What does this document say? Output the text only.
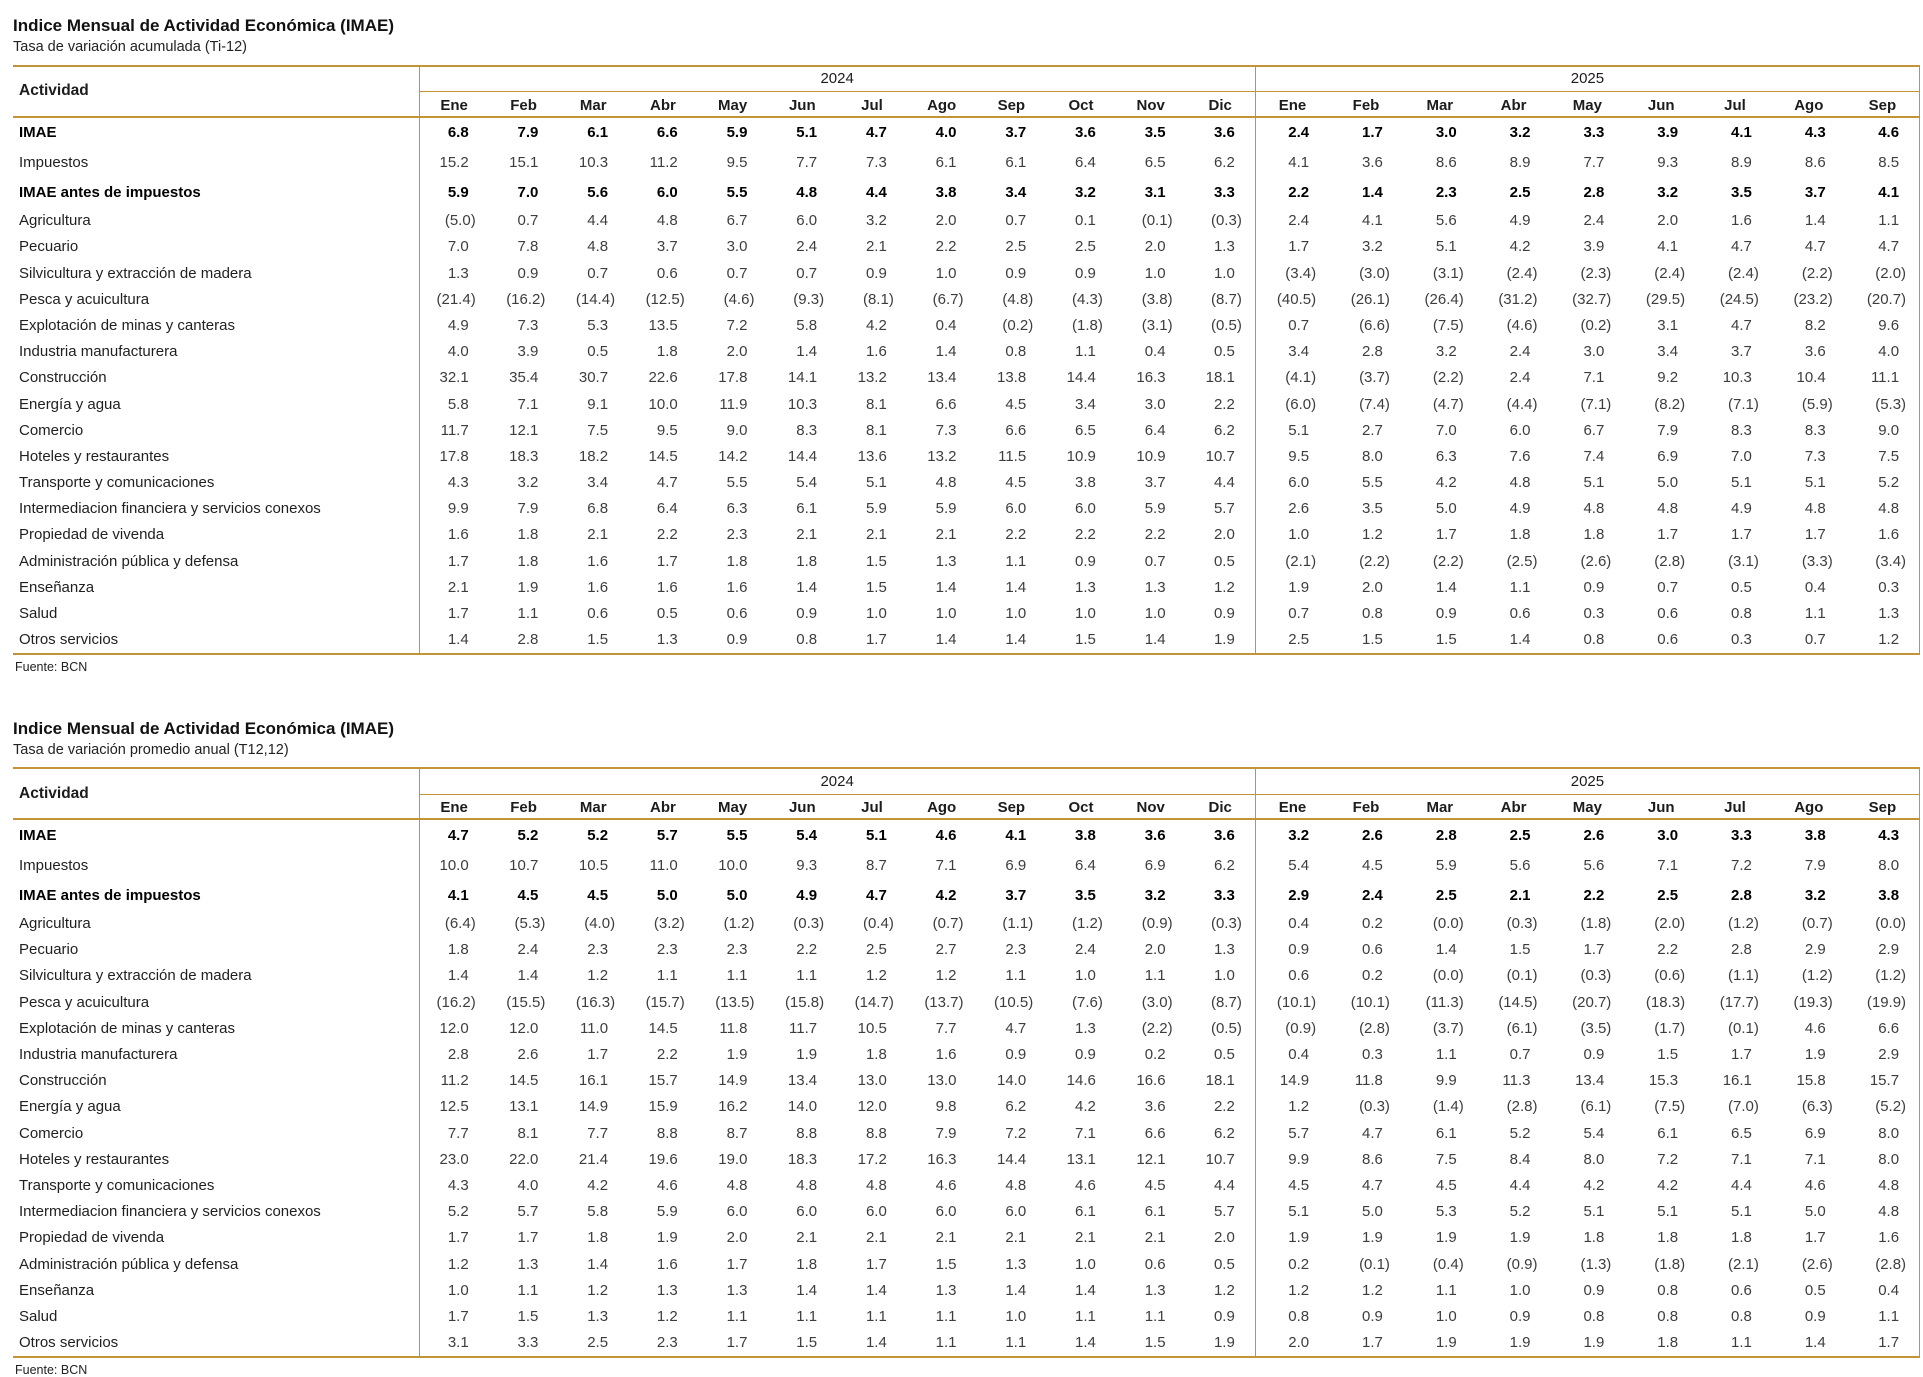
Indice Mensual de Actividad Económica (IMAE)
Tasa de variación acumulada (Ti-12)
Actividad	2024												2025								
	Ene	Feb	Mar	Abr	May	Jun	Jul	Ago	Sep	Oct	Nov	Dic	Ene	Feb	Mar	Abr	May	Jun	Jul	Ago	Sep
IMAE	6.8	7.9	6.1	6.6	5.9	5.1	4.7	4.0	3.7	3.6	3.5	3.6	2.4	1.7	3.0	3.2	3.3	3.9	4.1	4.3	4.6
Impuestos	15.2	15.1	10.3	11.2	9.5	7.7	7.3	6.1	6.1	6.4	6.5	6.2	4.1	3.6	8.6	8.9	7.7	9.3	8.9	8.6	8.5
IMAE antes de impuestos	5.9	7.0	5.6	6.0	5.5	4.8	4.4	3.8	3.4	3.2	3.1	3.3	2.2	1.4	2.3	2.5	2.8	3.2	3.5	3.7	4.1
Agricultura	(5.0)	0.7	4.4	4.8	6.7	6.0	3.2	2.0	0.7	0.1	(0.1)	(0.3)	2.4	4.1	5.6	4.9	2.4	2.0	1.6	1.4	1.1
Pecuario	7.0	7.8	4.8	3.7	3.0	2.4	2.1	2.2	2.5	2.5	2.0	1.3	1.7	3.2	5.1	4.2	3.9	4.1	4.7	4.7	4.7
Silvicultura y extracción de madera	1.3	0.9	0.7	0.6	0.7	0.7	0.9	1.0	0.9	0.9	1.0	1.0	(3.4)	(3.0)	(3.1)	(2.4)	(2.3)	(2.4)	(2.4)	(2.2)	(2.0)
Pesca y acuicultura	(21.4)	(16.2)	(14.4)	(12.5)	(4.6)	(9.3)	(8.1)	(6.7)	(4.8)	(4.3)	(3.8)	(8.7)	(40.5)	(26.1)	(26.4)	(31.2)	(32.7)	(29.5)	(24.5)	(23.2)	(20.7)
Explotación de minas y canteras	4.9	7.3	5.3	13.5	7.2	5.8	4.2	0.4	(0.2)	(1.8)	(3.1)	(0.5)	0.7	(6.6)	(7.5)	(4.6)	(0.2)	3.1	4.7	8.2	9.6
Industria manufacturera	4.0	3.9	0.5	1.8	2.0	1.4	1.6	1.4	0.8	1.1	0.4	0.5	3.4	2.8	3.2	2.4	3.0	3.4	3.7	3.6	4.0
Construcción	32.1	35.4	30.7	22.6	17.8	14.1	13.2	13.4	13.8	14.4	16.3	18.1	(4.1)	(3.7)	(2.2)	2.4	7.1	9.2	10.3	10.4	11.1
Energía y agua	5.8	7.1	9.1	10.0	11.9	10.3	8.1	6.6	4.5	3.4	3.0	2.2	(6.0)	(7.4)	(4.7)	(4.4)	(7.1)	(8.2)	(7.1)	(5.9)	(5.3)
Comercio	11.7	12.1	7.5	9.5	9.0	8.3	8.1	7.3	6.6	6.5	6.4	6.2	5.1	2.7	7.0	6.0	6.7	7.9	8.3	8.3	9.0
Hoteles y restaurantes	17.8	18.3	18.2	14.5	14.2	14.4	13.6	13.2	11.5	10.9	10.9	10.7	9.5	8.0	6.3	7.6	7.4	6.9	7.0	7.3	7.5
Transporte y comunicaciones	4.3	3.2	3.4	4.7	5.5	5.4	5.1	4.8	4.5	3.8	3.7	4.4	6.0	5.5	4.2	4.8	5.1	5.0	5.1	5.1	5.2
Intermediacion financiera y servicios conexos	9.9	7.9	6.8	6.4	6.3	6.1	5.9	5.9	6.0	6.0	5.9	5.7	2.6	3.5	5.0	4.9	4.8	4.8	4.9	4.8	4.8
Propiedad de vivenda	1.6	1.8	2.1	2.2	2.3	2.1	2.1	2.1	2.2	2.2	2.2	2.0	1.0	1.2	1.7	1.8	1.8	1.7	1.7	1.7	1.6
Administración pública y defensa	1.7	1.8	1.6	1.7	1.8	1.8	1.5	1.3	1.1	0.9	0.7	0.5	(2.1)	(2.2)	(2.2)	(2.5)	(2.6)	(2.8)	(3.1)	(3.3)	(3.4)
Enseñanza	2.1	1.9	1.6	1.6	1.6	1.4	1.5	1.4	1.4	1.3	1.3	1.2	1.9	2.0	1.4	1.1	0.9	0.7	0.5	0.4	0.3
Salud	1.7	1.1	0.6	0.5	0.6	0.9	1.0	1.0	1.0	1.0	1.0	0.9	0.7	0.8	0.9	0.6	0.3	0.6	0.8	1.1	1.3
Otros servicios	1.4	2.8	1.5	1.3	0.9	0.8	1.7	1.4	1.4	1.5	1.4	1.9	2.5	1.5	1.5	1.4	0.8	0.6	0.3	0.7	1.2
Fuente: BCN
Indice Mensual de Actividad Económica (IMAE)
Tasa de variación promedio anual (T12,12)
Actividad	2024												2025								
	Ene	Feb	Mar	Abr	May	Jun	Jul	Ago	Sep	Oct	Nov	Dic	Ene	Feb	Mar	Abr	May	Jun	Jul	Ago	Sep
IMAE	4.7	5.2	5.2	5.7	5.5	5.4	5.1	4.6	4.1	3.8	3.6	3.6	3.2	2.6	2.8	2.5	2.6	3.0	3.3	3.8	4.3
Impuestos	10.0	10.7	10.5	11.0	10.0	9.3	8.7	7.1	6.9	6.4	6.9	6.2	5.4	4.5	5.9	5.6	5.6	7.1	7.2	7.9	8.0
IMAE antes de impuestos	4.1	4.5	4.5	5.0	5.0	4.9	4.7	4.2	3.7	3.5	3.2	3.3	2.9	2.4	2.5	2.1	2.2	2.5	2.8	3.2	3.8
Agricultura	(6.4)	(5.3)	(4.0)	(3.2)	(1.2)	(0.3)	(0.4)	(0.7)	(1.1)	(1.2)	(0.9)	(0.3)	0.4	0.2	(0.0)	(0.3)	(1.8)	(2.0)	(1.2)	(0.7)	(0.0)
Pecuario	1.8	2.4	2.3	2.3	2.3	2.2	2.5	2.7	2.3	2.4	2.0	1.3	0.9	0.6	1.4	1.5	1.7	2.2	2.8	2.9	2.9
Silvicultura y extracción de madera	1.4	1.4	1.2	1.1	1.1	1.1	1.2	1.2	1.1	1.0	1.1	1.0	0.6	0.2	(0.0)	(0.1)	(0.3)	(0.6)	(1.1)	(1.2)	(1.2)
Pesca y acuicultura	(16.2)	(15.5)	(16.3)	(15.7)	(13.5)	(15.8)	(14.7)	(13.7)	(10.5)	(7.6)	(3.0)	(8.7)	(10.1)	(10.1)	(11.3)	(14.5)	(20.7)	(18.3)	(17.7)	(19.3)	(19.9)
Explotación de minas y canteras	12.0	12.0	11.0	14.5	11.8	11.7	10.5	7.7	4.7	1.3	(2.2)	(0.5)	(0.9)	(2.8)	(3.7)	(6.1)	(3.5)	(1.7)	(0.1)	4.6	6.6
Industria manufacturera	2.8	2.6	1.7	2.2	1.9	1.9	1.8	1.6	0.9	0.9	0.2	0.5	0.4	0.3	1.1	0.7	0.9	1.5	1.7	1.9	2.9
Construcción	11.2	14.5	16.1	15.7	14.9	13.4	13.0	13.0	14.0	14.6	16.6	18.1	14.9	11.8	9.9	11.3	13.4	15.3	16.1	15.8	15.7
Energía y agua	12.5	13.1	14.9	15.9	16.2	14.0	12.0	9.8	6.2	4.2	3.6	2.2	1.2	(0.3)	(1.4)	(2.8)	(6.1)	(7.5)	(7.0)	(6.3)	(5.2)
Comercio	7.7	8.1	7.7	8.8	8.7	8.8	8.8	7.9	7.2	7.1	6.6	6.2	5.7	4.7	6.1	5.2	5.4	6.1	6.5	6.9	8.0
Hoteles y restaurantes	23.0	22.0	21.4	19.6	19.0	18.3	17.2	16.3	14.4	13.1	12.1	10.7	9.9	8.6	7.5	8.4	8.0	7.2	7.1	7.1	8.0
Transporte y comunicaciones	4.3	4.0	4.2	4.6	4.8	4.8	4.8	4.6	4.8	4.6	4.5	4.4	4.5	4.7	4.5	4.4	4.2	4.2	4.4	4.6	4.8
Intermediacion financiera y servicios conexos	5.2	5.7	5.8	5.9	6.0	6.0	6.0	6.0	6.0	6.1	6.1	5.7	5.1	5.0	5.3	5.2	5.1	5.1	5.1	5.0	4.8
Propiedad de vivenda	1.7	1.7	1.8	1.9	2.0	2.1	2.1	2.1	2.1	2.1	2.1	2.0	1.9	1.9	1.9	1.9	1.8	1.8	1.8	1.7	1.6
Administración pública y defensa	1.2	1.3	1.4	1.6	1.7	1.8	1.7	1.5	1.3	1.0	0.6	0.5	0.2	(0.1)	(0.4)	(0.9)	(1.3)	(1.8)	(2.1)	(2.6)	(2.8)
Enseñanza	1.0	1.1	1.2	1.3	1.3	1.4	1.4	1.3	1.4	1.4	1.3	1.2	1.2	1.2	1.1	1.0	0.9	0.8	0.6	0.5	0.4
Salud	1.7	1.5	1.3	1.2	1.1	1.1	1.1	1.1	1.0	1.1	1.1	0.9	0.8	0.9	1.0	0.9	0.8	0.8	0.8	0.9	1.1
Otros servicios	3.1	3.3	2.5	2.3	1.7	1.5	1.4	1.1	1.1	1.4	1.5	1.9	2.0	1.7	1.9	1.9	1.9	1.8	1.1	1.4	1.7
Fuente: BCN
